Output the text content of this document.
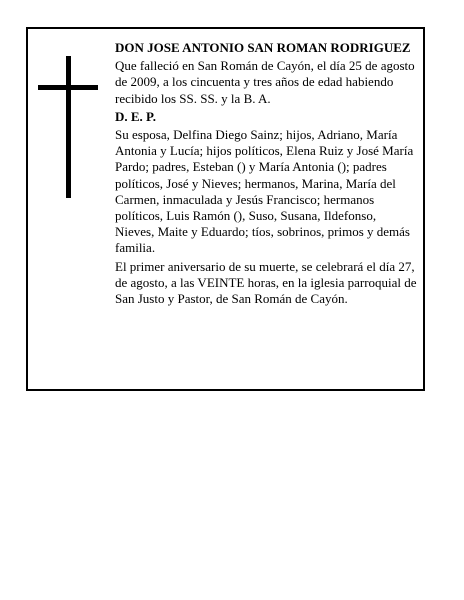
DON JOSE ANTONIO SAN ROMAN RODRIGUEZ

Que falleció en San Román de Cayón, el día 25 de agosto de 2009, a los cincuenta y tres años de edad habiendo recibido los SS. SS. y la B. A.

D. E. P.

Su esposa, Delfina Diego Sainz; hijos, Adriano, María Antonia y Lucía; hijos políticos, Elena Ruiz y José María Pardo; padres, Esteban () y María Antonia (); padres políticos, José y Nieves; hermanos, Marina, María del Carmen, inmaculada y Jesús Francisco; hermanos políticos, Luis Ramón (), Suso, Susana, Ildefonso, Nieves, Maite y Eduardo; tíos, sobrinos, primos y demás familia.

El primer aniversario de su muerte, se celebrará el día 27, de agosto, a las VEINTE horas, en la iglesia parroquial de San Justo y Pastor, de San Román de Cayón.
